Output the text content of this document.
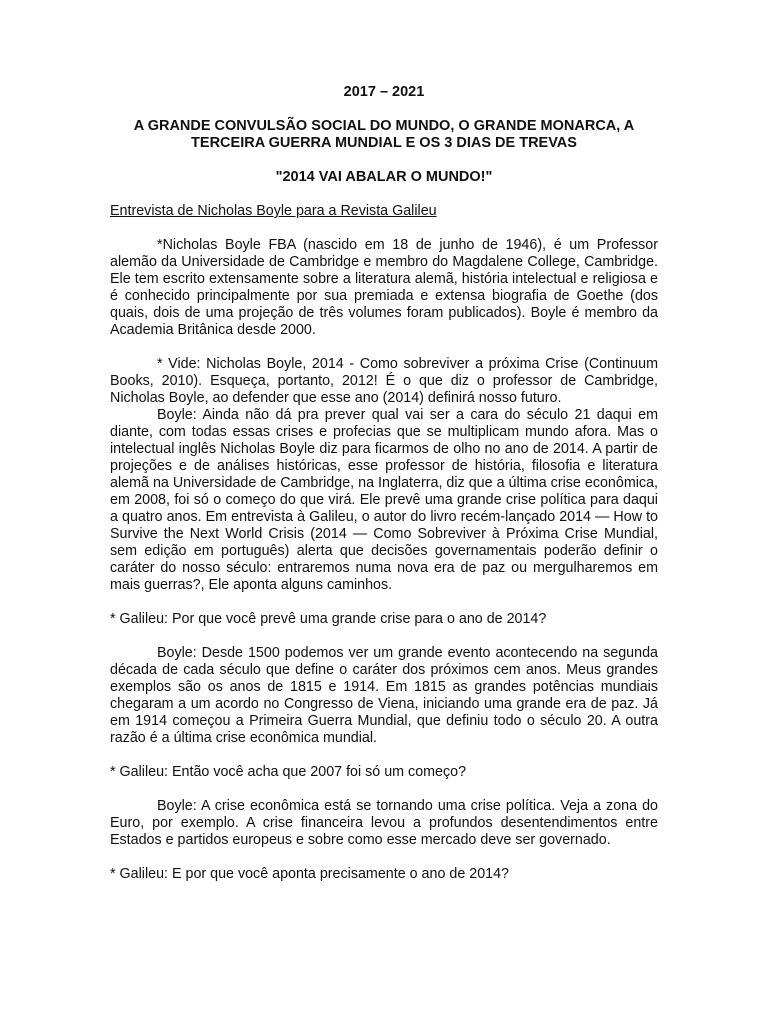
2017 – 2021

A GRANDE CONVULSÃO SOCIAL DO MUNDO, O GRANDE MONARCA, A TERCEIRA GUERRA MUNDIAL E OS 3 DIAS DE TREVAS

"2014 VAI ABALAR O MUNDO!"

Entrevista de Nicholas Boyle para a Revista Galileu

*Nicholas Boyle FBA (nascido em 18 de junho de 1946), é um Professor alemão da Universidade de Cambridge e membro do Magdalene College, Cambridge. Ele tem escrito extensamente sobre a literatura alemã, história intelectual e religiosa e é conhecido principalmente por sua premiada e extensa biografia de Goethe (dos quais, dois de uma projeção de três volumes foram publicados). Boyle é membro da Academia Britânica desde 2000.

* Vide: Nicholas Boyle, 2014 - Como sobreviver a próxima Crise (Continuum Books, 2010). Esqueça, portanto, 2012! É o que diz o professor de Cambridge, Nicholas Boyle, ao defender que esse ano (2014) definirá nosso futuro.

Boyle: Ainda não dá pra prever qual vai ser a cara do século 21 daqui em diante, com todas essas crises e profecias que se multiplicam mundo afora. Mas o intelectual inglês Nicholas Boyle diz para ficarmos de olho no ano de 2014. A partir de projeções e de análises históricas, esse professor de história, filosofia e literatura alemã na Universidade de Cambridge, na Inglaterra, diz que a última crise econômica, em 2008, foi só o começo do que virá. Ele prevê uma grande crise política para daqui a quatro anos. Em entrevista à Galileu, o autor do livro recém-lançado 2014 — How to Survive the Next World Crisis (2014 — Como Sobreviver à Próxima Crise Mundial, sem edição em português) alerta que decisões governamentais poderão definir o caráter do nosso século: entraremos numa nova era de paz ou mergulharemos em mais guerras?, Ele aponta alguns caminhos.

* Galileu: Por que você prevê uma grande crise para o ano de 2014?

Boyle: Desde 1500 podemos ver um grande evento acontecendo na segunda década de cada século que define o caráter dos próximos cem anos. Meus grandes exemplos são os anos de 1815 e 1914. Em 1815 as grandes potências mundiais chegaram a um acordo no Congresso de Viena, iniciando uma grande era de paz. Já em 1914 começou a Primeira Guerra Mundial, que definiu todo o século 20. A outra razão é a última crise econômica mundial.

* Galileu: Então você acha que 2007 foi só um começo?

Boyle: A crise econômica está se tornando uma crise política. Veja a zona do Euro, por exemplo. A crise financeira levou a profundos desentendimentos entre Estados e partidos europeus e sobre como esse mercado deve ser governado.

* Galileu: E por que você aponta precisamente o ano de 2014?
